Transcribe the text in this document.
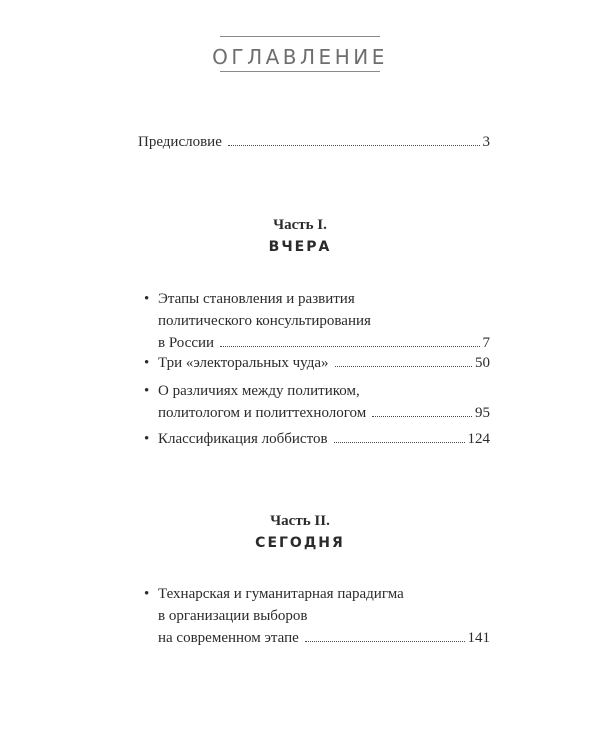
ОГЛАВЛЕНИЕ
Предисловие	3
Часть I.
ВЧЕРА
• Этапы становления и развития
политического консультирования
в России	7
• Три «электоральных чуда»	50
• О различиях между политиком,
политологом и политтехнологом	95
• Классификация лоббистов	124
Часть II.
СЕГОДНЯ
• Технарская и гуманитарная парадигма
в организации выборов
на современном этапе	141
